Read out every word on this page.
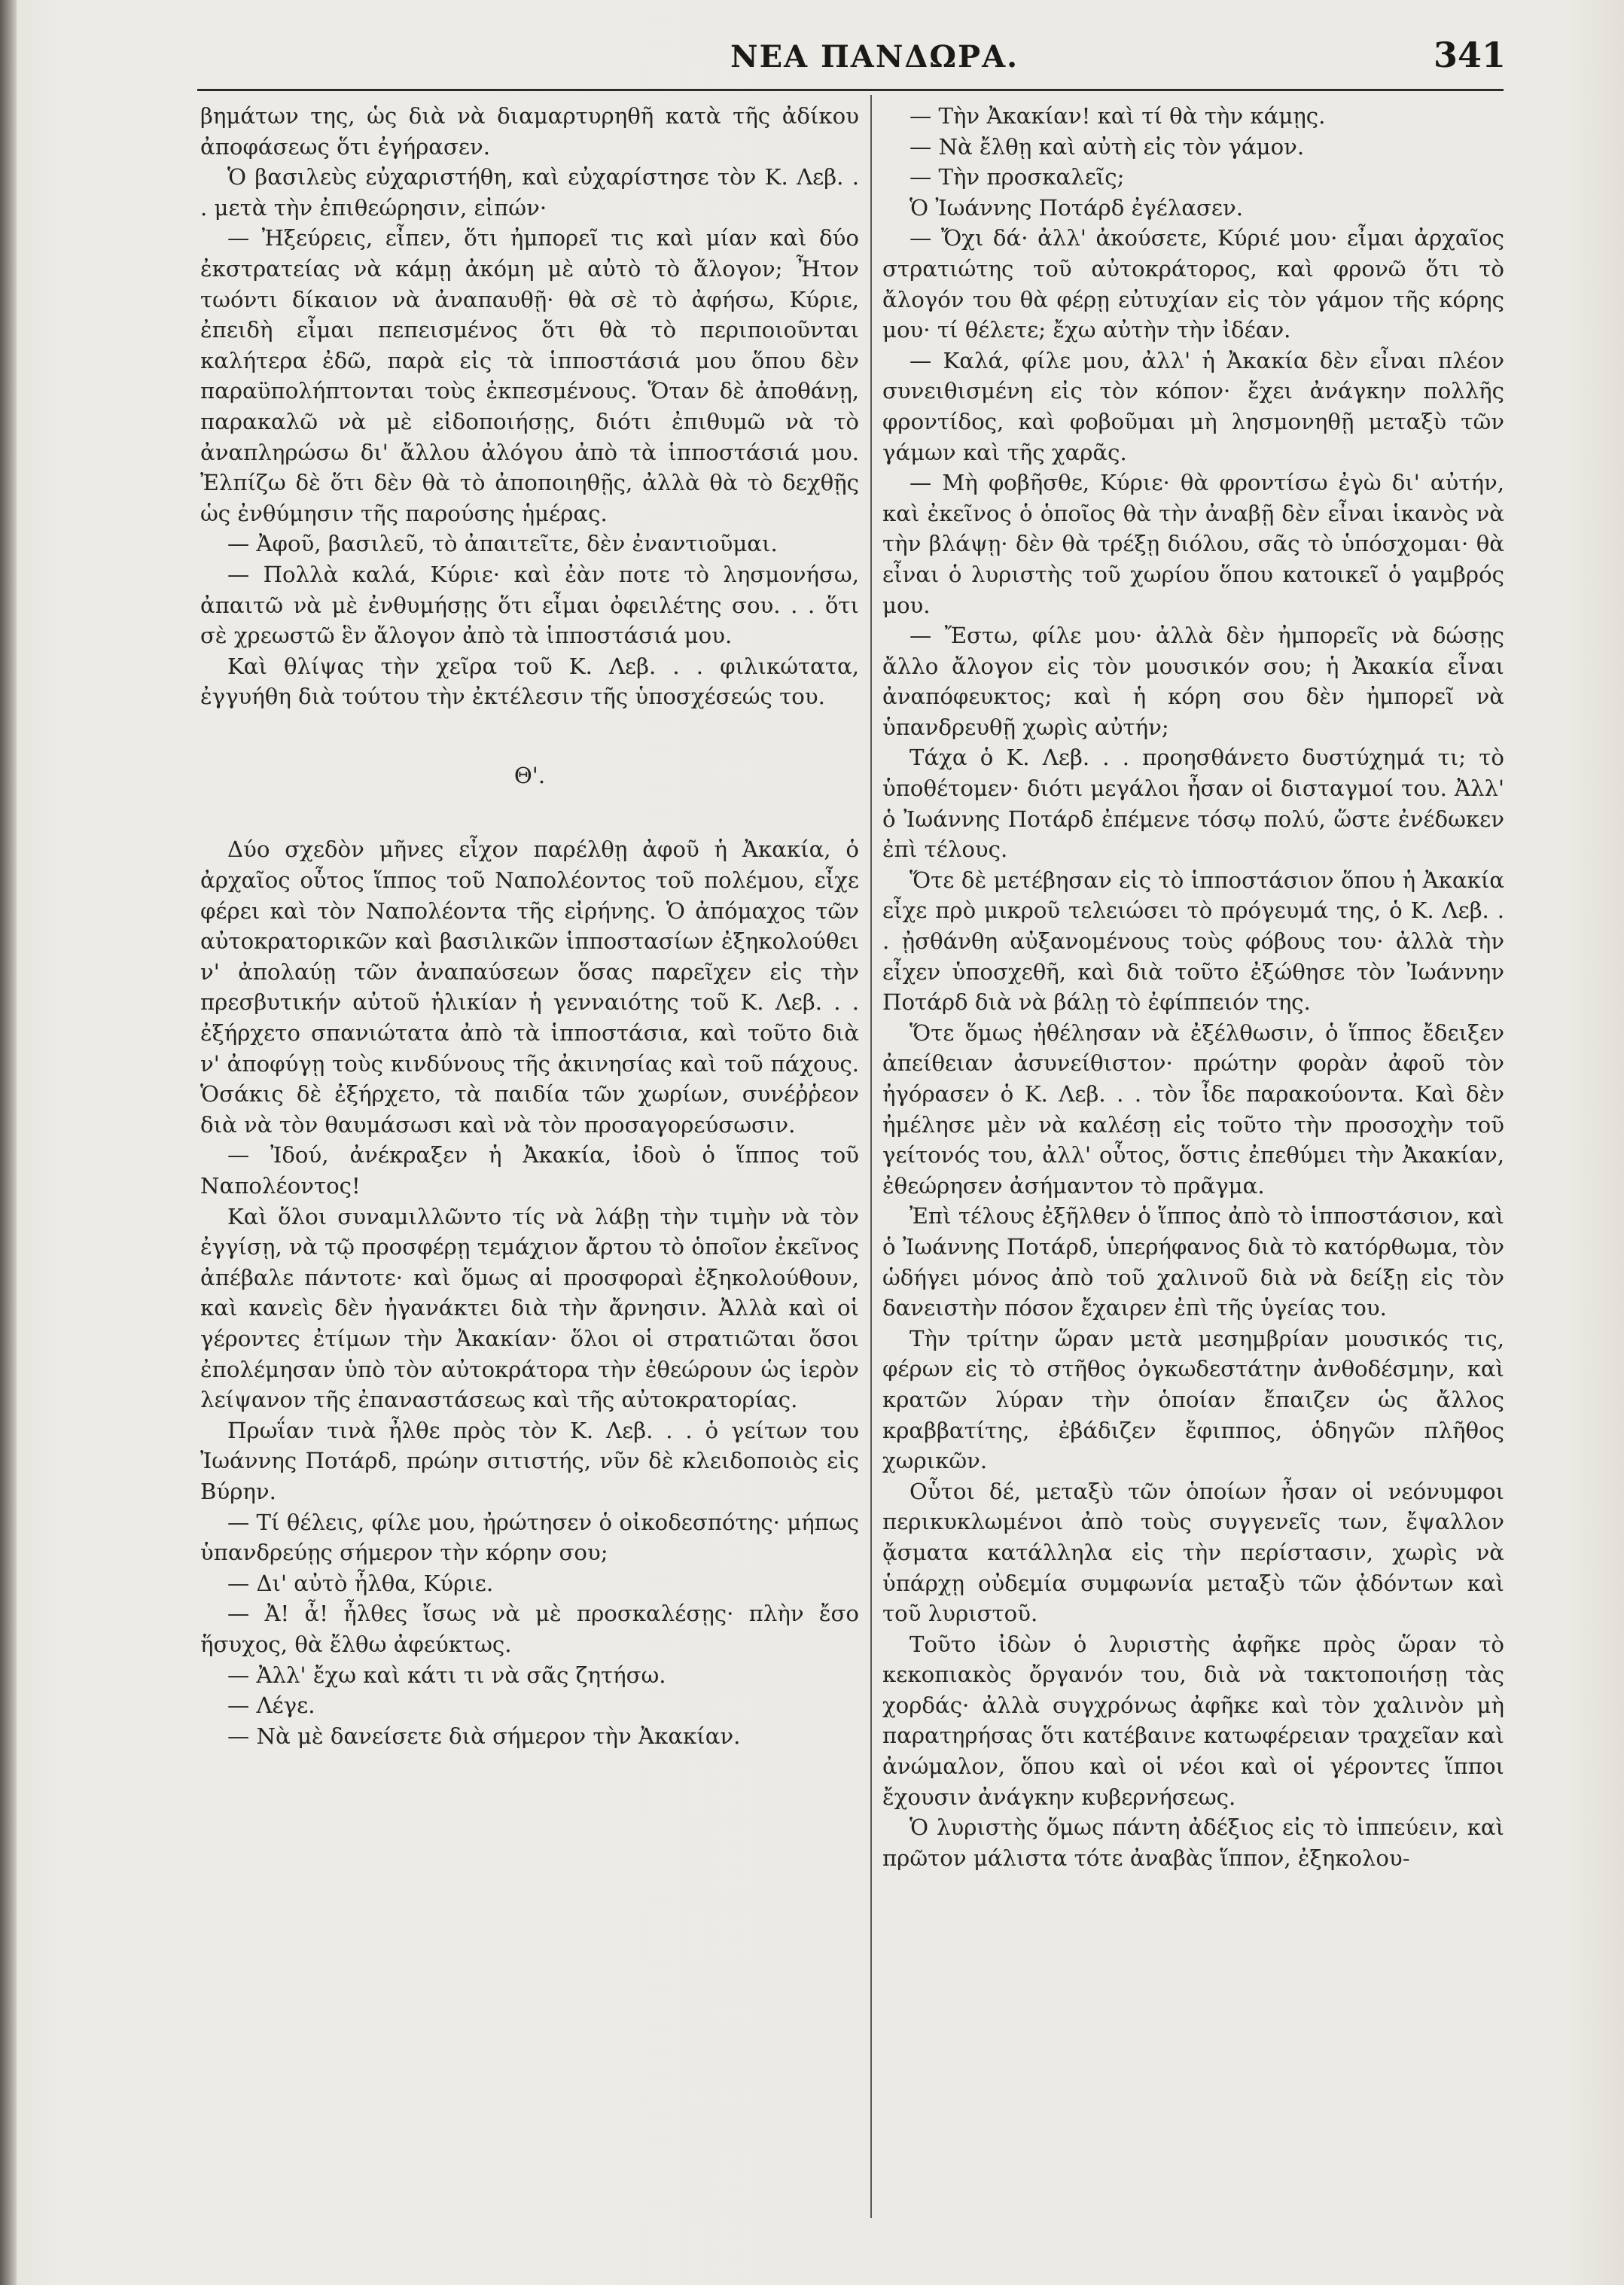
ΝΕΑ ΠΑΝΔΩΡΑ.	341

βημάτων της, ὡς διὰ νὰ διαμαρτυρηθῆ κατὰ τῆς ἀδίκου ἀποφάσεως ὅτι ἐγήρασεν.

Ὁ βασιλεὺς εὐχαριστήθη, καὶ εὐχαρίστησε τὸν Κ. Λεβ. . . μετὰ τὴν ἐπιθεώρησιν, εἰπών·

— Ἠξεύρεις, εἶπεν, ὅτι ἠμπορεῖ τις καὶ μίαν καὶ δύο ἐκστρατείας νὰ κάμῃ ἀκόμη μὲ αὐτὸ τὸ ἄλογον; Ἦτον τωόντι δίκαιον νὰ ἀναπαυθῇ· θὰ σὲ τὸ ἀφήσω, Κύριε, ἐπειδὴ εἶμαι πεπεισμένος ὅτι θὰ τὸ περιποιοῦνται καλήτερα ἐδῶ, παρὰ εἰς τὰ ἱπποστάσιά μου ὅπου δὲν παραϋπολήπτονται τοὺς ἐκπεσμένους. Ὅταν δὲ ἀποθάνῃ, παρακαλῶ νὰ μὲ εἰδοποιήσῃς, διότι ἐπιθυμῶ νὰ τὸ ἀναπληρώσω δι' ἄλλου ἀλόγου ἀπὸ τὰ ἱπποστάσιά μου. Ἐλπίζω δὲ ὅτι δὲν θὰ τὸ ἀποποιηθῇς, ἀλλὰ θὰ τὸ δεχθῇς ὡς ἐνθύμησιν τῆς παρούσης ἡμέρας.

— Ἀφοῦ, βασιλεῦ, τὸ ἀπαιτεῖτε, δὲν ἐναντιοῦμαι.

— Πολλὰ καλά, Κύριε· καὶ ἐὰν ποτε τὸ λησμονήσω, ἀπαιτῶ νὰ μὲ ἐνθυμήσῃς ὅτι εἶμαι ὀφειλέτης σου. . . ὅτι σὲ χρεωστῶ ἓν ἄλογον ἀπὸ τὰ ἱπποστάσιά μου.

Καὶ θλίψας τὴν χεῖρα τοῦ Κ. Λεβ. . . φιλικώτατα, ἐγγυήθη διὰ τούτου τὴν ἐκτέλεσιν τῆς ὑποσχέσεώς του.

Θ'.

Δύο σχεδὸν μῆνες εἶχον παρέλθῃ ἀφοῦ ἡ Ἀκακία, ὁ ἀρχαῖος οὗτος ἵππος τοῦ Ναπολέοντος τοῦ πολέμου, εἶχε φέρει καὶ τὸν Ναπολέοντα τῆς εἰρήνης. Ὁ ἀπόμαχος τῶν αὐτοκρατορικῶν καὶ βασιλικῶν ἱπποστασίων ἐξηκολούθει ν' ἀπολαύῃ τῶν ἀναπαύσεων ὅσας παρεῖχεν εἰς τὴν πρεσβυτικήν αὐτοῦ ἡλικίαν ἡ γενναιότης τοῦ Κ. Λεβ. . . ἐξήρχετο σπανιώτατα ἀπὸ τὰ ἱπποστάσια, καὶ τοῦτο διὰ ν' ἀποφύγῃ τοὺς κινδύνους τῆς ἀκινησίας καὶ τοῦ πάχους. Ὁσάκις δὲ ἐξήρχετο, τὰ παιδία τῶν χωρίων, συνέῤῥεον διὰ νὰ τὸν θαυμάσωσι καὶ νὰ τὸν προσαγορεύσωσιν.

— Ἰδού, ἀνέκραξεν ἡ Ἀκακία, ἰδοὺ ὁ ἵππος τοῦ Ναπολέοντος!

Καὶ ὅλοι συναμιλλῶντο τίς νὰ λάβῃ τὴν τιμὴν νὰ τὸν ἐγγίσῃ, νὰ τῷ προσφέρῃ τεμάχιον ἄρτου τὸ ὁποῖον ἐκεῖνος ἀπέβαλε πάντοτε· καὶ ὅμως αἱ προσφοραὶ ἐξηκολούθουν, καὶ κανεὶς δὲν ἠγανάκτει διὰ τὴν ἄρνησιν. Ἀλλὰ καὶ οἱ γέροντες ἐτίμων τὴν Ἀκακίαν· ὅλοι οἱ στρατιῶται ὅσοι ἐπολέμησαν ὑπὸ τὸν αὐτοκράτορα τὴν ἐθεώρουν ὡς ἱερὸν λείψανον τῆς ἐπαναστάσεως καὶ τῆς αὐτοκρατορίας.

Πρωΐαν τινὰ ἦλθε πρὸς τὸν Κ. Λεβ. . . ὁ γείτων του Ἰωάννης Ποτάρδ, πρώην σιτιστής, νῦν δὲ κλειδοποιὸς εἰς Βύρην.

— Τί θέλεις, φίλε μου, ἠρώτησεν ὁ οἰκοδεσπότης· μήπως ὑπανδρεύῃς σήμερον τὴν κόρην σου;

— Δι' αὐτὸ ἦλθα, Κύριε.

— Ἀ! ἆ! ἦλθες ἴσως νὰ μὲ προσκαλέσῃς· πλὴν ἔσο ἥσυχος, θὰ ἔλθω ἀφεύκτως.

— Ἀλλ' ἔχω καὶ κάτι τι νὰ σᾶς ζητήσω.

— Λέγε.

— Νὰ μὲ δανείσετε διὰ σήμερον τὴν Ἀκακίαν.

— Τὴν Ἀκακίαν! καὶ τί θὰ τὴν κάμῃς.

— Νὰ ἔλθῃ καὶ αὐτὴ εἰς τὸν γάμον.

— Τὴν προσκαλεῖς;

Ὁ Ἰωάννης Ποτάρδ ἐγέλασεν.

— Ὄχι δά· ἀλλ' ἀκούσετε, Κύριέ μου· εἶμαι ἀρχαῖος στρατιώτης τοῦ αὐτοκράτορος, καὶ φρονῶ ὅτι τὸ ἄλογόν του θὰ φέρῃ εὐτυχίαν εἰς τὸν γάμον τῆς κόρης μου· τί θέλετε; ἔχω αὐτὴν τὴν ἰδέαν.

— Καλά, φίλε μου, ἀλλ' ἡ Ἀκακία δὲν εἶναι πλέον συνειθισμένη εἰς τὸν κόπον· ἔχει ἀνάγκην πολλῆς φροντίδος, καὶ φοβοῦμαι μὴ λησμονηθῇ μεταξὺ τῶν γάμων καὶ τῆς χαρᾶς.

— Μὴ φοβῆσθε, Κύριε· θὰ φροντίσω ἐγὼ δι' αὐτήν, καὶ ἐκεῖνος ὁ ὁποῖος θὰ τὴν ἀναβῇ δὲν εἶναι ἱκανὸς νὰ τὴν βλάψῃ· δὲν θὰ τρέξῃ διόλου, σᾶς τὸ ὑπόσχομαι· θὰ εἶναι ὁ λυριστὴς τοῦ χωρίου ὅπου κατοικεῖ ὁ γαμβρός μου.

— Ἔστω, φίλε μου· ἀλλὰ δὲν ἠμπορεῖς νὰ δώσῃς ἄλλο ἄλογον εἰς τὸν μουσικόν σου; ἡ Ἀκακία εἶναι ἀναπόφευκτος; καὶ ἡ κόρη σου δὲν ἠμπορεῖ νὰ ὑπανδρευθῇ χωρὶς αὐτήν;

Τάχα ὁ Κ. Λεβ. . . προησθάνετο δυστύχημά τι; τὸ ὑποθέτομεν· διότι μεγάλοι ἦσαν οἱ δισταγμοί του. Ἀλλ' ὁ Ἰωάννης Ποτάρδ ἐπέμενε τόσῳ πολύ, ὥστε ἐνέδωκεν ἐπὶ τέλους.

Ὅτε δὲ μετέβησαν εἰς τὸ ἱπποστάσιον ὅπου ἡ Ἀκακία εἶχε πρὸ μικροῦ τελειώσει τὸ πρόγευμά της, ὁ Κ. Λεβ. . . ᾐσθάνθη αὐξανομένους τοὺς φόβους του· ἀλλὰ τὴν εἶχεν ὑποσχεθῆ, καὶ διὰ τοῦτο ἐξώθησε τὸν Ἰωάννην Ποτάρδ διὰ νὰ βάλῃ τὸ ἐφίππειόν της.

Ὅτε ὅμως ἠθέλησαν νὰ ἐξέλθωσιν, ὁ ἵππος ἔδειξεν ἀπείθειαν ἀσυνείθιστον· πρώτην φορὰν ἀφοῦ τὸν ἠγόρασεν ὁ Κ. Λεβ. . . τὸν ἶδε παρακούοντα. Καὶ δὲν ἠμέλησε μὲν νὰ καλέσῃ εἰς τοῦτο τὴν προσοχὴν τοῦ γείτονός του, ἀλλ' οὗτος, ὅστις ἐπεθύμει τὴν Ἀκακίαν, ἐθεώρησεν ἀσήμαντον τὸ πρᾶγμα.

Ἐπὶ τέλους ἐξῆλθεν ὁ ἵππος ἀπὸ τὸ ἱπποστάσιον, καὶ ὁ Ἰωάννης Ποτάρδ, ὑπερήφανος διὰ τὸ κατόρθωμα, τὸν ὡδήγει μόνος ἀπὸ τοῦ χαλινοῦ διὰ νὰ δείξῃ εἰς τὸν δανειστὴν πόσον ἔχαιρεν ἐπὶ τῆς ὑγείας του.

Τὴν τρίτην ὥραν μετὰ μεσημβρίαν μουσικός τις, φέρων εἰς τὸ στῆθος ὀγκωδεστάτην ἀνθοδέσμην, καὶ κρατῶν λύραν τὴν ὁποίαν ἔπαιζεν ὡς ἄλλος κραββατίτης, ἐβάδιζεν ἔφιππος, ὁδηγῶν πλῆθος χωρικῶν.

Οὗτοι δέ, μεταξὺ τῶν ὁποίων ἦσαν οἱ νεόνυμφοι περικυκλωμένοι ἀπὸ τοὺς συγγενεῖς των, ἔψαλλον ᾄσματα κατάλληλα εἰς τὴν περίστασιν, χωρὶς νὰ ὑπάρχῃ οὐδεμία συμφωνία μεταξὺ τῶν ᾀδόντων καὶ τοῦ λυριστοῦ.

Τοῦτο ἰδὼν ὁ λυριστὴς ἀφῆκε πρὸς ὥραν τὸ κεκοπιακὸς ὄργανόν του, διὰ νὰ τακτοποιήσῃ τὰς χορδάς· ἀλλὰ συγχρόνως ἀφῆκε καὶ τὸν χαλινὸν μὴ παρατηρήσας ὅτι κατέβαινε κατωφέρειαν τραχεῖαν καὶ ἀνώμαλον, ὅπου καὶ οἱ νέοι καὶ οἱ γέροντες ἵπποι ἔχουσιν ἀνάγκην κυβερνήσεως.

Ὁ λυριστὴς ὅμως πάντη ἀδέξιος εἰς τὸ ἱππεύειν, καὶ πρῶτον μάλιστα τότε ἀναβὰς ἵππον, ἐξηκολου-
